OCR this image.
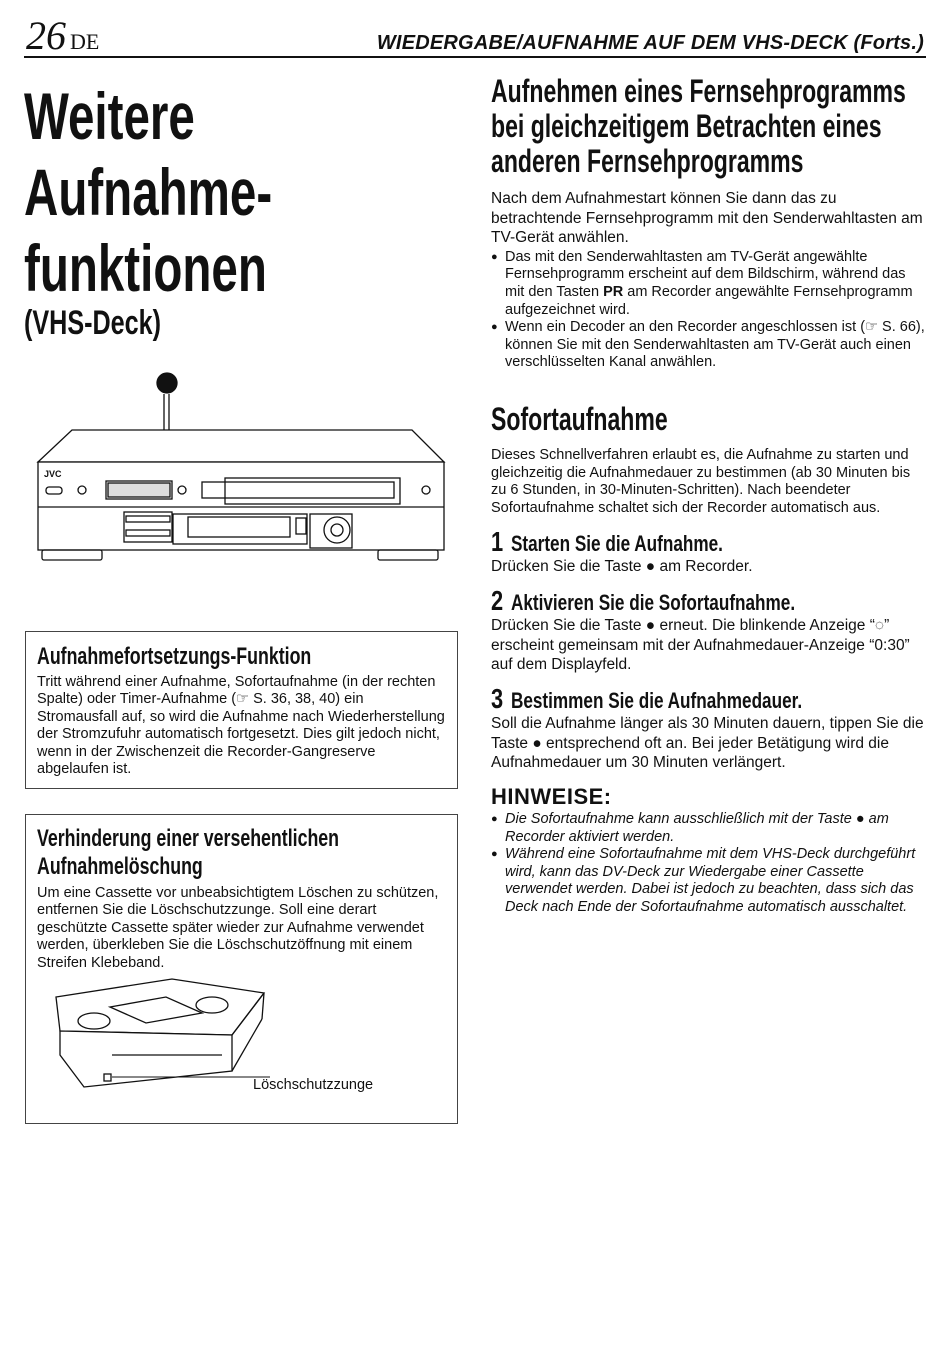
26 DE	WIEDERGABE/AUFNAHME AUF DEM VHS-DECK (Forts.)
Weitere
Aufnahme-
funktionen
(VHS-Deck)
JVC
Aufnahmefortsetzungs-Funktion
Tritt während einer Aufnahme, Sofortaufnahme (in der rechten Spalte) oder Timer-Aufnahme (☞ S. 36, 38, 40) ein Stromausfall auf, so wird die Aufnahme nach Wiederherstellung der Stromzufuhr automatisch fortgesetzt. Dies gilt jedoch nicht, wenn in der Zwischenzeit die Recorder-Gangreserve abgelaufen ist.
Verhinderung einer versehentlichen
Aufnahmelöschung
Um eine Cassette vor unbeabsichtigtem Löschen zu schützen, entfernen Sie die Löschschutzzunge. Soll eine derart geschützte Cassette später wieder zur Aufnahme verwendet werden, überkleben Sie die Löschschutzöffnung mit einem Streifen Klebeband.
Löschschutzzunge
Aufnehmen eines Fernsehprogramms
bei gleichzeitigem Betrachten eines
anderen Fernsehprogramms
Nach dem Aufnahmestart können Sie dann das zu betrachtende Fernsehprogramm mit den Senderwahltasten am TV-Gerät anwählen.
● Das mit den Senderwahltasten am TV-Gerät angewählte Fernsehprogramm erscheint auf dem Bildschirm, während das mit den Tasten PR am Recorder angewählte Fernsehprogramm aufgezeichnet wird.
● Wenn ein Decoder an den Recorder angeschlossen ist (☞ S. 66), können Sie mit den Senderwahltasten am TV-Gerät auch einen verschlüsselten Kanal anwählen.
Sofortaufnahme
Dieses Schnellverfahren erlaubt es, die Aufnahme zu starten und gleichzeitig die Aufnahmedauer zu bestimmen (ab 30 Minuten bis zu 6 Stunden, in 30-Minuten-Schritten). Nach beendeter Sofortaufnahme schaltet sich der Recorder automatisch aus.
1 Starten Sie die Aufnahme.
Drücken Sie die Taste ● am Recorder.
2 Aktivieren Sie die Sofortaufnahme.
Drücken Sie die Taste ● erneut. Die blinkende Anzeige “◌” erscheint gemeinsam mit der Aufnahmedauer-Anzeige “0:30” auf dem Displayfeld.
3 Bestimmen Sie die Aufnahmedauer.
Soll die Aufnahme länger als 30 Minuten dauern, tippen Sie die Taste ● entsprechend oft an. Bei jeder Betätigung wird die Aufnahmedauer um 30 Minuten verlängert.
HINWEISE:
● Die Sofortaufnahme kann ausschließlich mit der Taste ● am Recorder aktiviert werden.
● Während eine Sofortaufnahme mit dem VHS-Deck durchgeführt wird, kann das DV-Deck zur Wiedergabe einer Cassette verwendet werden. Dabei ist jedoch zu beachten, dass sich das Deck nach Ende der Sofortaufnahme automatisch ausschaltet.
